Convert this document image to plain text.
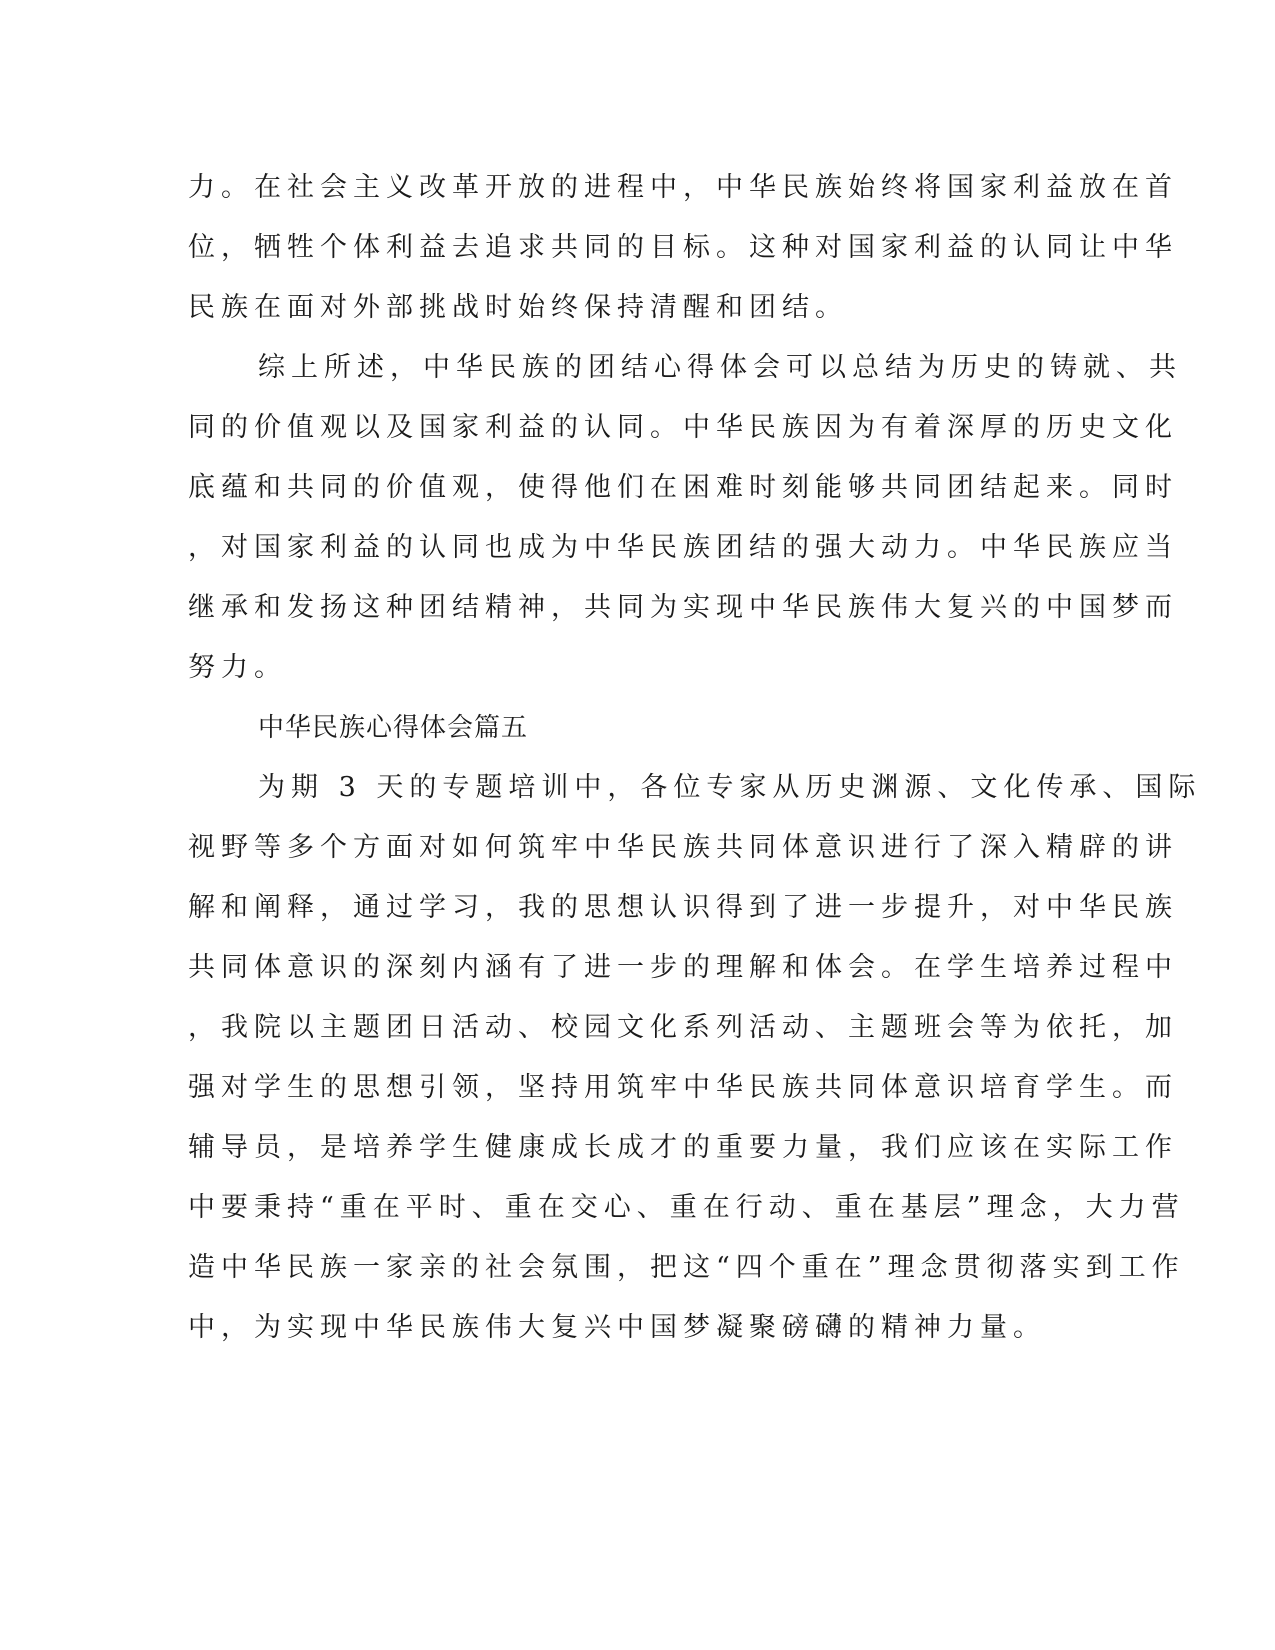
力。在社会主义改革开放的进程中，中华民族始终将国家利益放在首
位，牺牲个体利益去追求共同的目标。这种对国家利益的认同让中华
民族在面对外部挑战时始终保持清醒和团结。
综上所述，中华民族的团结心得体会可以总结为历史的铸就、共
同的价值观以及国家利益的认同。中华民族因为有着深厚的历史文化
底蕴和共同的价值观，使得他们在困难时刻能够共同团结起来。同时
，对国家利益的认同也成为中华民族团结的强大动力。中华民族应当
继承和发扬这种团结精神，共同为实现中华民族伟大复兴的中国梦而
努力。
中华民族心得体会篇五
为期 3 天的专题培训中，各位专家从历史渊源、文化传承、国际
视野等多个方面对如何筑牢中华民族共同体意识进行了深入精辟的讲
解和阐释，通过学习，我的思想认识得到了进一步提升，对中华民族
共同体意识的深刻内涵有了进一步的理解和体会。在学生培养过程中
，我院以主题团日活动、校园文化系列活动、主题班会等为依托，加
强对学生的思想引领，坚持用筑牢中华民族共同体意识培育学生。而
辅导员，是培养学生健康成长成才的重要力量，我们应该在实际工作
中要秉持“重在平时、重在交心、重在行动、重在基层”理念，大力营
造中华民族一家亲的社会氛围，把这“四个重在”理念贯彻落实到工作
中，为实现中华民族伟大复兴中国梦凝聚磅礴的精神力量。
